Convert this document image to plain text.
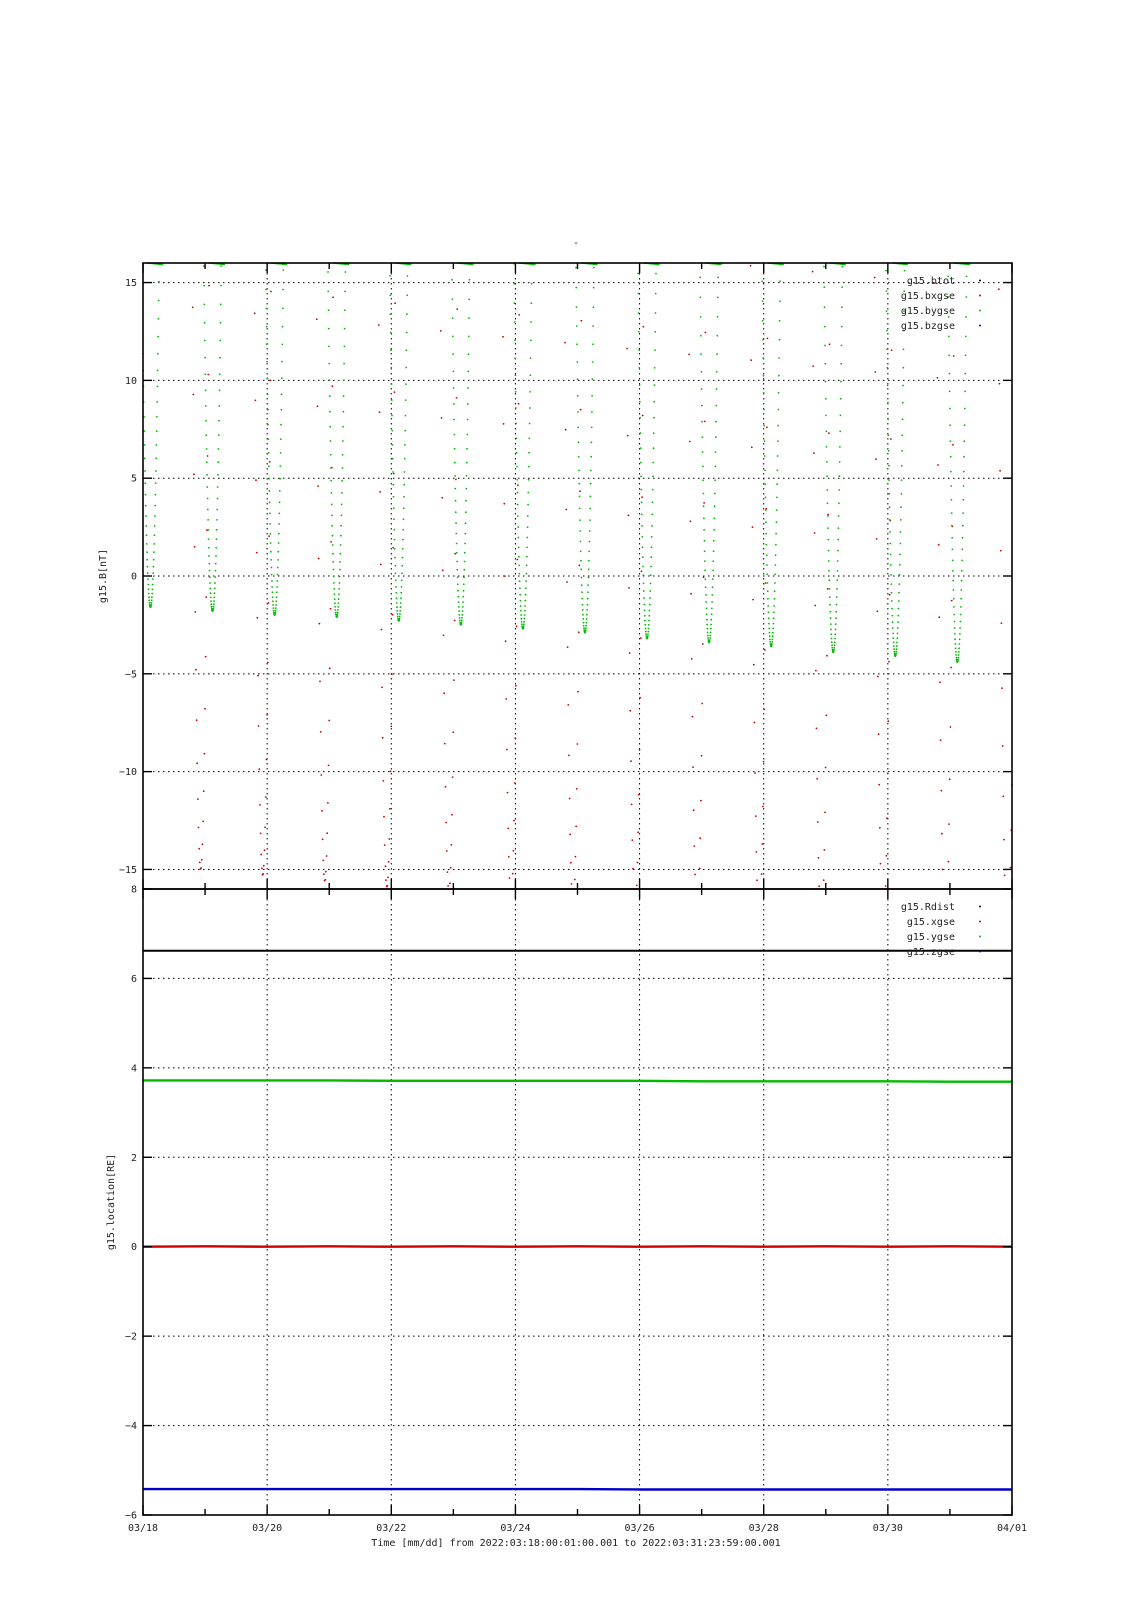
-
15
10
5
0
−5
−10
−15
g15.btot
g15.bxgse
g15.bygse
g15.bzgse
g15.B[nT]
8
6
4
2
0
−2
−4
−6
g15.Rdist
g15.xgse
g15.ygse
g15.zgse
g15.location[RE]
03/18	03/20	03/22	03/24	03/26	03/28	03/30	04/01
Time [mm/dd] from 2022:03:18:00:01:00.001 to 2022:03:31:23:59:00.001
